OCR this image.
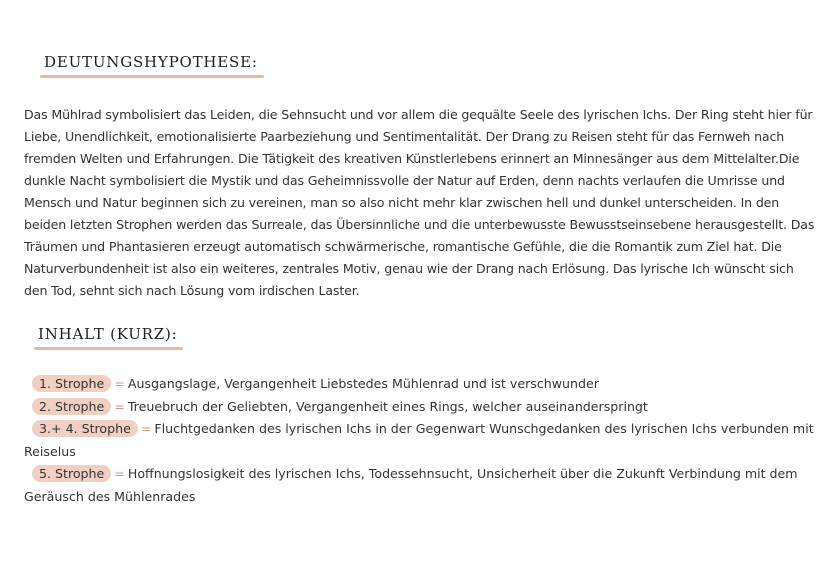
DEUTUNGSHYPOTHESE:

Das Mühlrad symbolisiert das Leiden, die Sehnsucht und vor allem die gequälte Seele des lyrischen Ichs. Der Ring steht hier für Liebe, Unendlichkeit, emotionalisierte Paarbeziehung und Sentimentalität. Der Drang zu Reisen steht für das Fernweh nach fremden Welten und Erfahrungen. Die Tätigkeit des kreativen Künstlerlebens erinnert an Minnesänger aus dem Mittelalter.Die dunkle Nacht symbolisiert die Mystik und das Geheimnissvolle der Natur auf Erden, denn nachts verlaufen die Umrisse und Mensch und Natur beginnen sich zu vereinen, man so also nicht mehr klar zwischen hell und dunkel unterscheiden. In den beiden letzten Strophen werden das Surreale, das Übersinnliche und die unterbewusste Bewusstseinsebene herausgestellt. Das Träumen und Phantasieren erzeugt automatisch schwärmerische, romantische Gefühle, die die Romantik zum Ziel hat. Die Naturverbundenheit ist also ein weiteres, zentrales Motiv, genau wie der Drang nach Erlösung. Das lyrische Ich wünscht sich den Tod, sehnt sich nach Lösung vom irdischen Laster.

INHALT (KURZ):
1. Strophe = Ausgangslage, Vergangenheit Liebstedes Mühlenrad und ist verschwunder
2. Strophe = Treuebruch der Geliebten, Vergangenheit eines Rings, welcher auseinanderspringt
3.+ 4. Strophe = Fluchtgedanken des lyrischen Ichs in der Gegenwart Wunschgedanken des lyrischen Ichs verbunden mit Reiselus
5. Strophe = Hoffnungslosigkeit des lyrischen Ichs, Todessehnsucht, Unsicherheit über die Zukunft Verbindung mit dem Geräusch des Mühlenrades
